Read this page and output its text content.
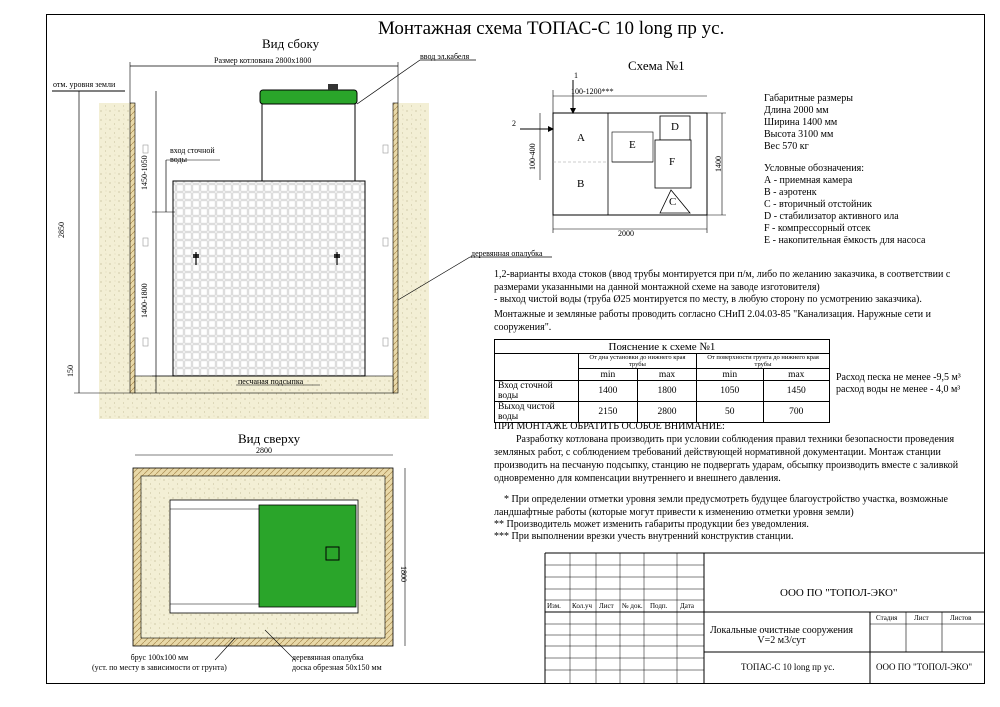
Монтажная схема ТОПАС-С 10 long пр ус.
Вид сбоку
Размер котлована 2800x1800
отм. уровня земли
ввод эл.кабеля
вход сточной
воды
деревянная опалубка
песчаная подсыпка
2850
1450-1050
1400-1800
150
Схема №1
1
2
100-1200***
100-400
2000
1400
A
B
E
D
F
C
Габаритные размеры
Длина 2000 мм
Ширина 1400 мм
Высота 3100 мм
Вес 570 кг
Условные обозначения:
А - приемная камера
В - аэротенк
С - вторичный отстойник
D - стабилизатор активного ила
F - компрессорный отсек
E - накопительная ёмкость для насоса
1,2-варианты входа стоков (ввод трубы монтируется при п/м, либо по желанию заказчика, в соответствии с размерами указанными на данной монтажной схеме на заводе изготовителя)
- выход чистой воды (труба Ø25 монтируется по месту, в любую сторону по усмотрению заказчика).
Монтажные и земляные работы проводить согласно СНиП 2.04.03-85 "Канализация. Наружные сети и сооружения".
Пояснение к схеме №1				
	От дна установки до нижнего края трубы		От поверхности грунта до нижнего края трубы	
	min	max	min	max
Вход сточной воды	1400	1800	1050	1450
Выход чистой воды	2150	2800	50	700
Расход песка не менее -9,5 м³
расход воды не менее - 4,0 м³
ПРИ МОНТАЖЕ ОБРАТИТЬ ОСОБОЕ ВНИМАНИЕ:
Разработку котлована производить при условии соблюдения правил техники безопасности проведения земляных работ, с соблюдением требований действующей нормативной документации. Монтаж станции производить на песчаную подсыпку, станцию не подвергать ударам, обсыпку производить вместе с заливкой одновременно для компенсации внутреннего и внешнего давления.
* При определении отметки уровня земли предусмотреть будущее благоустройство участка, возможные ландшафтные работы (которые могут привести к изменению отметки уровня земли)
** Производитель может изменить габариты продукции без уведомления.
*** При выполнении врезки учесть внутренний конструктив станции.
Вид сверху
2800
1800
брус 100х100 мм
(уст. по месту в зависимости от грунта)
деревянная опалубка
доска обрезная 50х150 мм
Изм. Кол.уч Лист № док. Подп. Дата
ООО ПО "ТОПОЛ-ЭКО"
Стадия Лист	Листов
Локальные очистные сооружения
V=2 м3/сут
ТОПАС-С 10 long пр ус.	ООО ПО "ТОПОЛ-ЭКО"
